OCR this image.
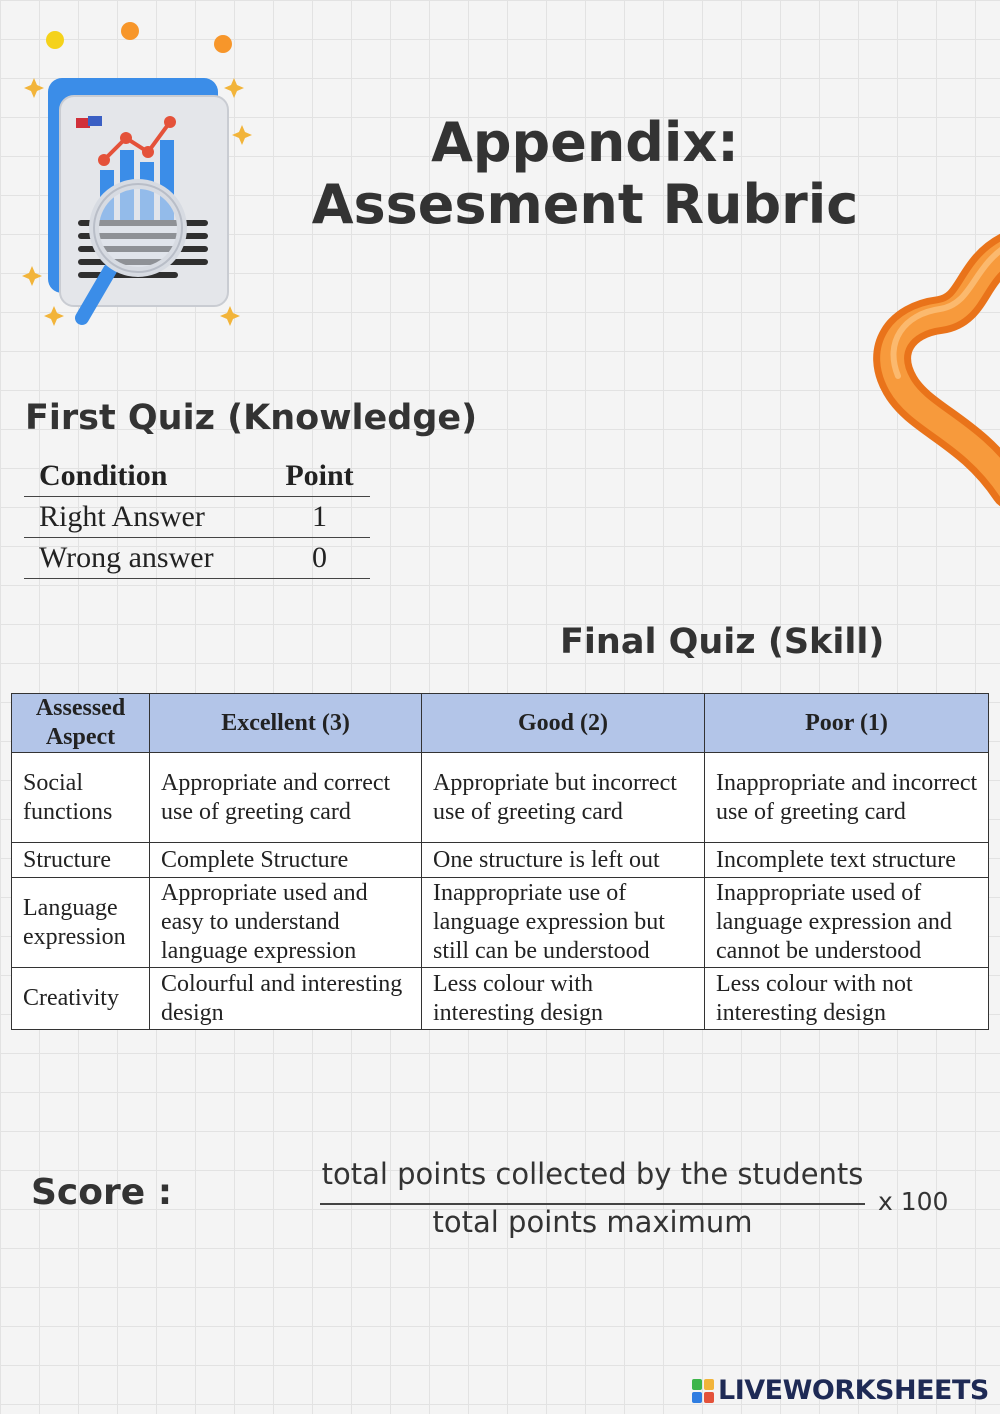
Appendix:
Assesment Rubric
First Quiz (Knowledge)
Condition	Point
Right Answer	1
Wrong answer	0
Final Quiz (Skill)
Assessed Aspect	Excellent (3)	Good (2)	Poor (1)
Social functions	Appropriate and correct use of greeting card	Appropriate but incorrect use of greeting card	Inappropriate and incorrect use of greeting card
Structure	Complete Structure	One structure is left out	Incomplete text structure
Language expression	Appropriate used and easy to understand language expression	Inappropriate use of language expression but still can be understood	Inappropriate used of language expression and cannot be understood
Creativity	Colourful and interesting design	Less colour with interesting design	Less colour with not interesting design
Score :	total points collected by the students
total points maximum
x 100
LIVEWORKSHEETS
